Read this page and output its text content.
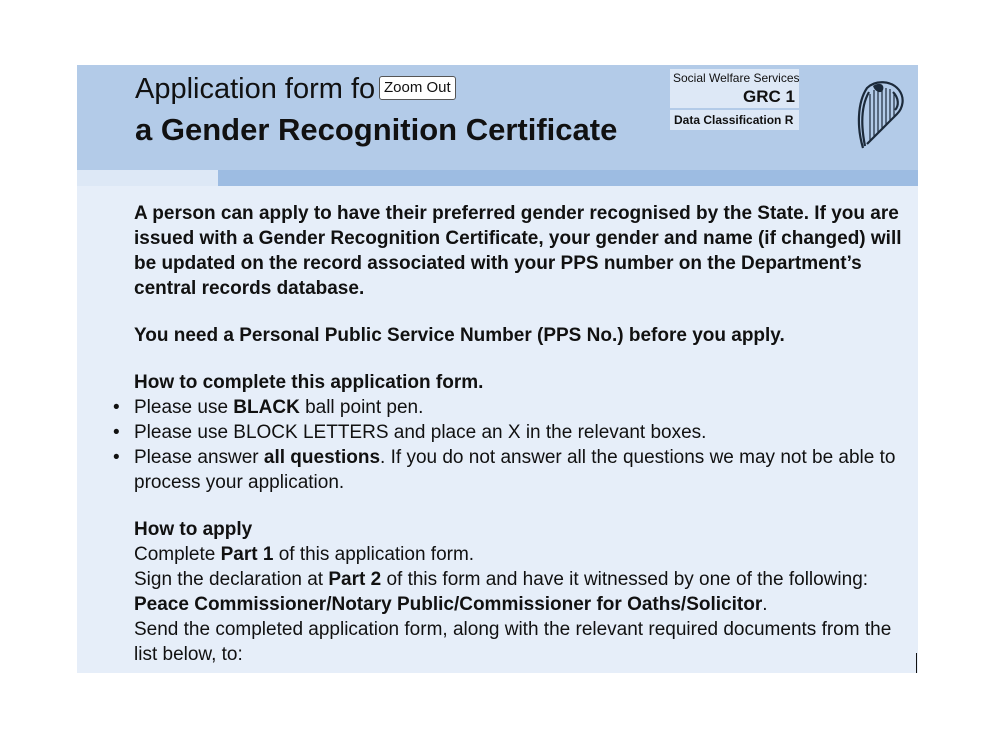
Application form fo
a Gender Recognition Certificate
Zoom Out
Social Welfare Services
GRC 1
Data Classification R
A person can apply to have their preferred gender recognised by the State. If you are issued with a Gender Recognition Certificate, your gender and name (if changed) will be updated on the record associated with your PPS number on the Department’s central records database.
You need a Personal Public Service Number (PPS No.) before you apply.
How to complete this application form.
• Please use BLACK ball point pen.
• Please use BLOCK LETTERS and place an X in the relevant boxes.
• Please answer all questions. If you do not answer all the questions we may not be able to process your application.
How to apply

Complete Part 1 of this application form.

Sign the declaration at Part 2 of this form and have it witnessed by one of the following: Peace Commissioner/Notary Public/Commissioner for Oaths/Solicitor.

Send the completed application form, along with the relevant required documents from the list below, to:
